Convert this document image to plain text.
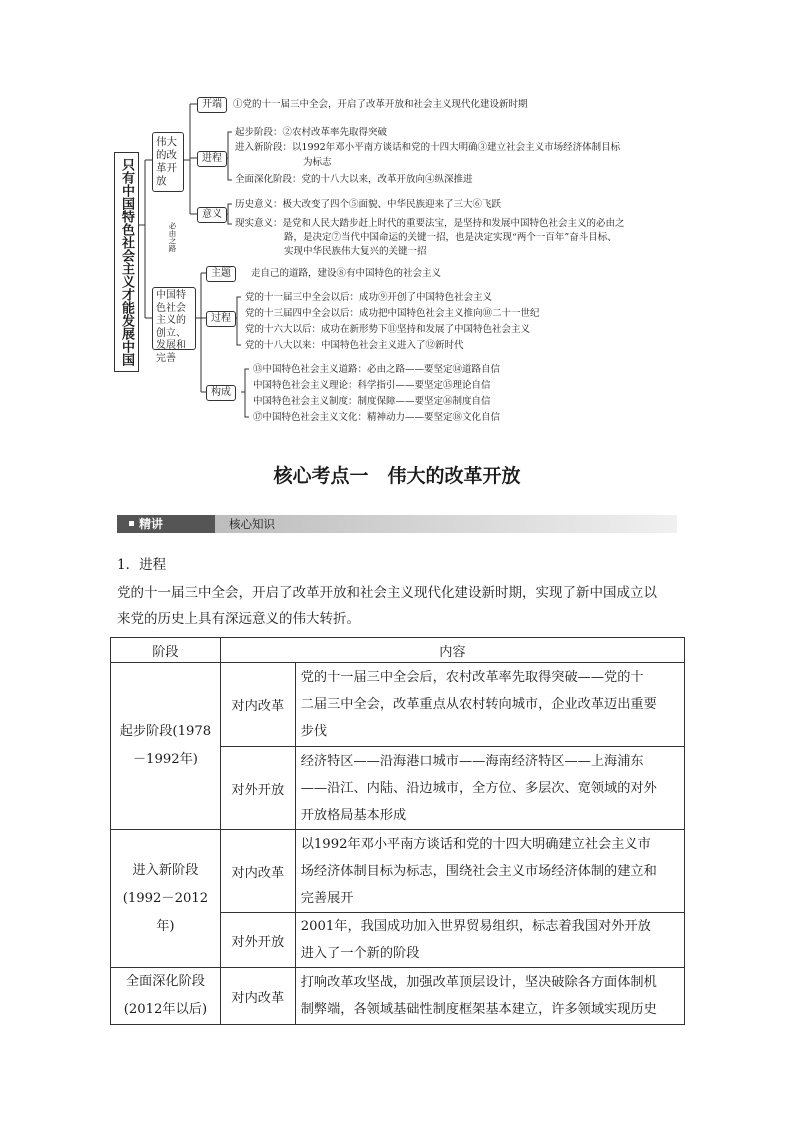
只有中国特色社会主义才能发展中国
伟大的改革开放
必由之路
中国特色社会主义的创立、发展和完善
开端	①党的十一届三中全会，开启了改革开放和社会主义现代化建设新时期
进程
起步阶段：②农村改革率先取得突破
进入新阶段：以1992年邓小平南方谈话和党的十四大明确③建立社会主义市场经济体制目标
为标志
全面深化阶段：党的十八大以来，改革开放向④纵深推进
意义
历史意义：极大改变了四个⑤面貌、中华民族迎来了三大⑥飞跃
现实意义：是党和人民大踏步赶上时代的重要法宝，是坚持和发展中国特色社会主义的必由之
路，是决定⑦当代中国命运的关键一招，也是决定实现“两个一百年”奋斗目标、
实现中华民族伟大复兴的关键一招
主题	走自己的道路，建设⑧有中国特色的社会主义
过程
党的十一届三中全会以后：成功⑨开创了中国特色社会主义
党的十三届四中全会以后：成功把中国特色社会主义推向⑩二十一世纪
党的十六大以后：成功在新形势下⑪坚持和发展了中国特色社会主义
党的十八大以来：中国特色社会主义进入了⑫新时代
构成
⑬中国特色社会主义道路：必由之路——要坚定⑭道路自信
中国特色社会主义理论：科学指引——要坚定⑮理论自信
中国特色社会主义制度：制度保障——要坚定⑯制度自信
⑰中国特色社会主义文化：精神动力——要坚定⑱文化自信
核心考点一　伟大的改革开放
精讲	核心知识
1．进程
党的十一届三中全会，开启了改革开放和社会主义现代化建设新时期，实现了新中国成立以
来党的历史上具有深远意义的伟大转折。
阶段	内容	
起步阶段(1978－1992年)	对内改革	党的十一届三中全会后，农村改革率先取得突破——党的十
二届三中全会，改革重点从农村转向城市，企业改革迈出重要
步伐

	对外开放	经济特区——沿海港口城市——海南经济特区——上海浦东
——沿江、内陆、沿边城市，全方位、多层次、宽领域的对外
开放格局基本形成

进入新阶段(1992－2012年)	对内改革	以1992年邓小平南方谈话和党的十四大明确建立社会主义市
场经济体制目标为标志，围绕社会主义市场经济体制的建立和
完善展开

	对外开放	2001年，我国成功加入世界贸易组织，标志着我国对外开放
进入了一个新的阶段

全面深化阶段(2012年以后)	对内改革	打响改革攻坚战，加强改革顶层设计，坚决破除各方面体制机
制弊端，各领域基础性制度框架基本建立，许多领域实现历史
